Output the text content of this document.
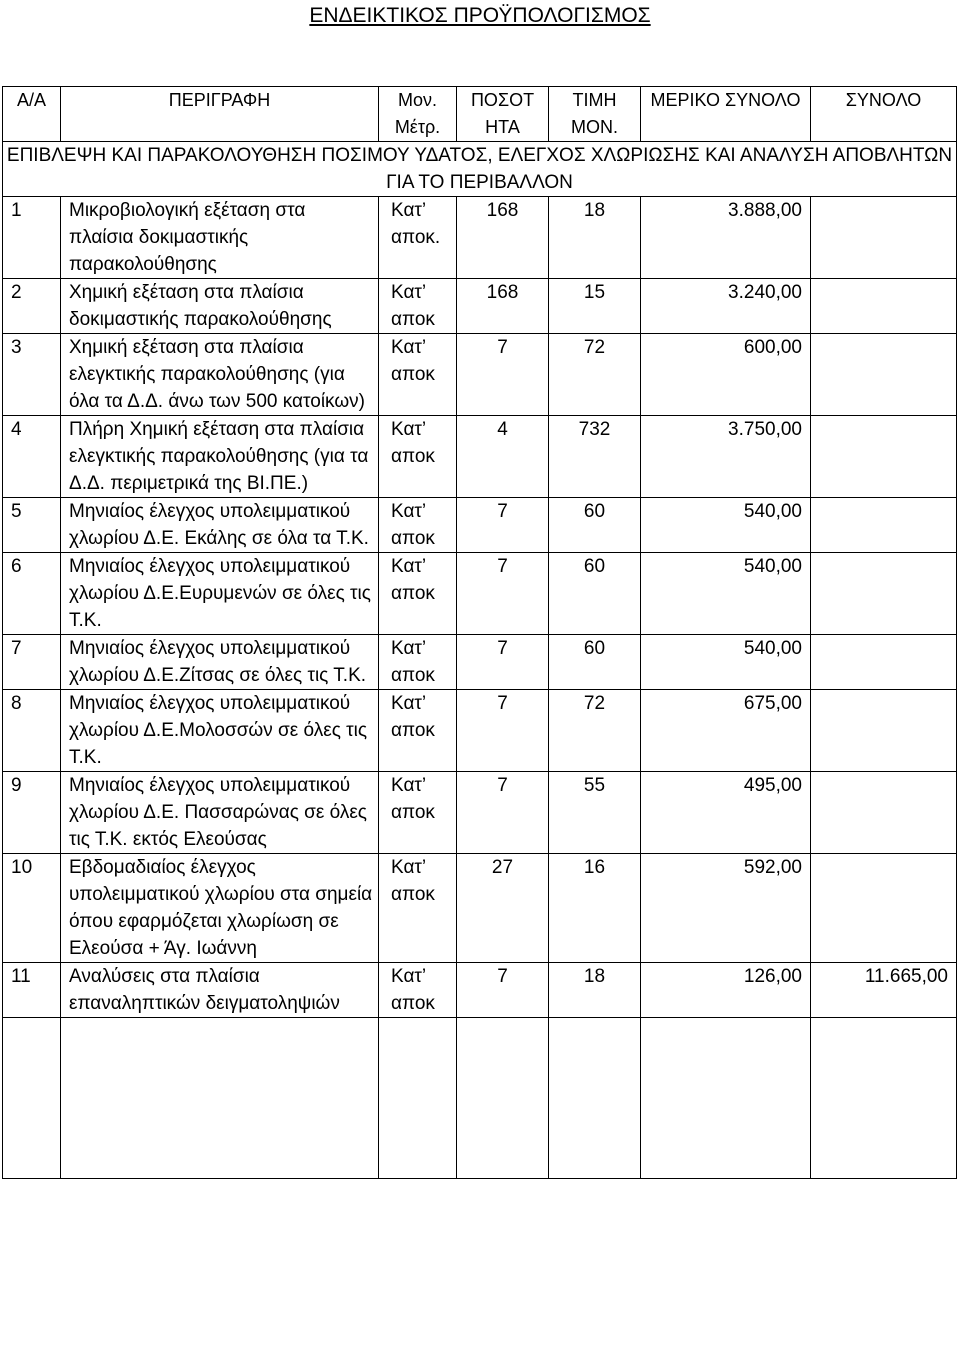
ΕΝΔΕΙΚΤΙΚΟΣ ΠΡΟΫΠΟΛΟΓΙΣΜΟΣ
Α/Α	ΠΕΡΙΓΡΑΦΗ	Μον. Μέτρ.	ΠΟΣΟΤ ΗΤΑ	ΤΙΜΗ ΜΟΝ.	ΜΕΡΙΚΟ ΣΥΝΟΛΟ	ΣΥΝΟΛΟ
ΕΠΙΒΛΕΨΗ ΚΑΙ ΠΑΡΑΚΟΛΟΥΘΗΣΗ ΠΟΣΙΜΟΥ ΥΔΑΤΟΣ, ΕΛΕΓΧΟΣ ΧΛΩΡΙΩΣΗΣ ΚΑΙ ΑΝΑΛΥΣΗ ΑΠΟΒΛΗΤΩΝ ΓΙΑ ΤΟ ΠΕΡΙΒΑΛΛΟΝ						
1	Μικροβιολογική εξέταση στα πλαίσια δοκιμαστικής παρακολούθησης	Κατ’ αποκ.	168	18	3.888,00	
2	Χημική εξέταση στα πλαίσια δοκιμαστικής παρακολούθησης	Κατ’ αποκ	168	15	3.240,00	
3	Χημική εξέταση στα πλαίσια ελεγκτικής παρακολούθησης (για όλα τα Δ.Δ. άνω των 500 κατοίκων)	Κατ’ αποκ	7	72	600,00	
4	Πλήρη Χημική εξέταση στα πλαίσια ελεγκτικής παρακολούθησης (για τα Δ.Δ. περιμετρικά της ΒΙ.ΠΕ.)	Κατ’ αποκ	4	732	3.750,00	
5	Μηνιαίος έλεγχος υπολειμματικού χλωρίου Δ.Ε. Εκάλης σε όλα τα Τ.Κ.	Κατ’ αποκ	7	60	540,00	
6	Μηνιαίος έλεγχος υπολειμματικού χλωρίου Δ.Ε.Ευρυμενών σε όλες τις Τ.Κ.	Κατ’ αποκ	7	60	540,00	
7	Μηνιαίος έλεγχος υπολειμματικού χλωρίου Δ.Ε.Ζίτσας σε όλες τις Τ.Κ.	Κατ’ αποκ	7	60	540,00	
8	Μηνιαίος έλεγχος υπολειμματικού χλωρίου Δ.Ε.Μολοσσών σε όλες τις Τ.Κ.	Κατ’ αποκ	7	72	675,00	
9	Μηνιαίος έλεγχος υπολειμματικού χλωρίου Δ.Ε. Πασσαρώνας σε όλες τις Τ.Κ. εκτός Ελεούσας	Κατ’ αποκ	7	55	495,00	
10	Εβδομαδιαίος έλεγχος υπολειμματικού χλωρίου στα σημεία όπου εφαρμόζεται χλωρίωση σε Ελεούσα + Άγ. Ιωάννη	Κατ’ αποκ	27	16	592,00	
11	Αναλύσεις στα πλαίσια επαναληπτικών δειγματοληψιών	Κατ’ αποκ	7	18	126,00	11.665,00
